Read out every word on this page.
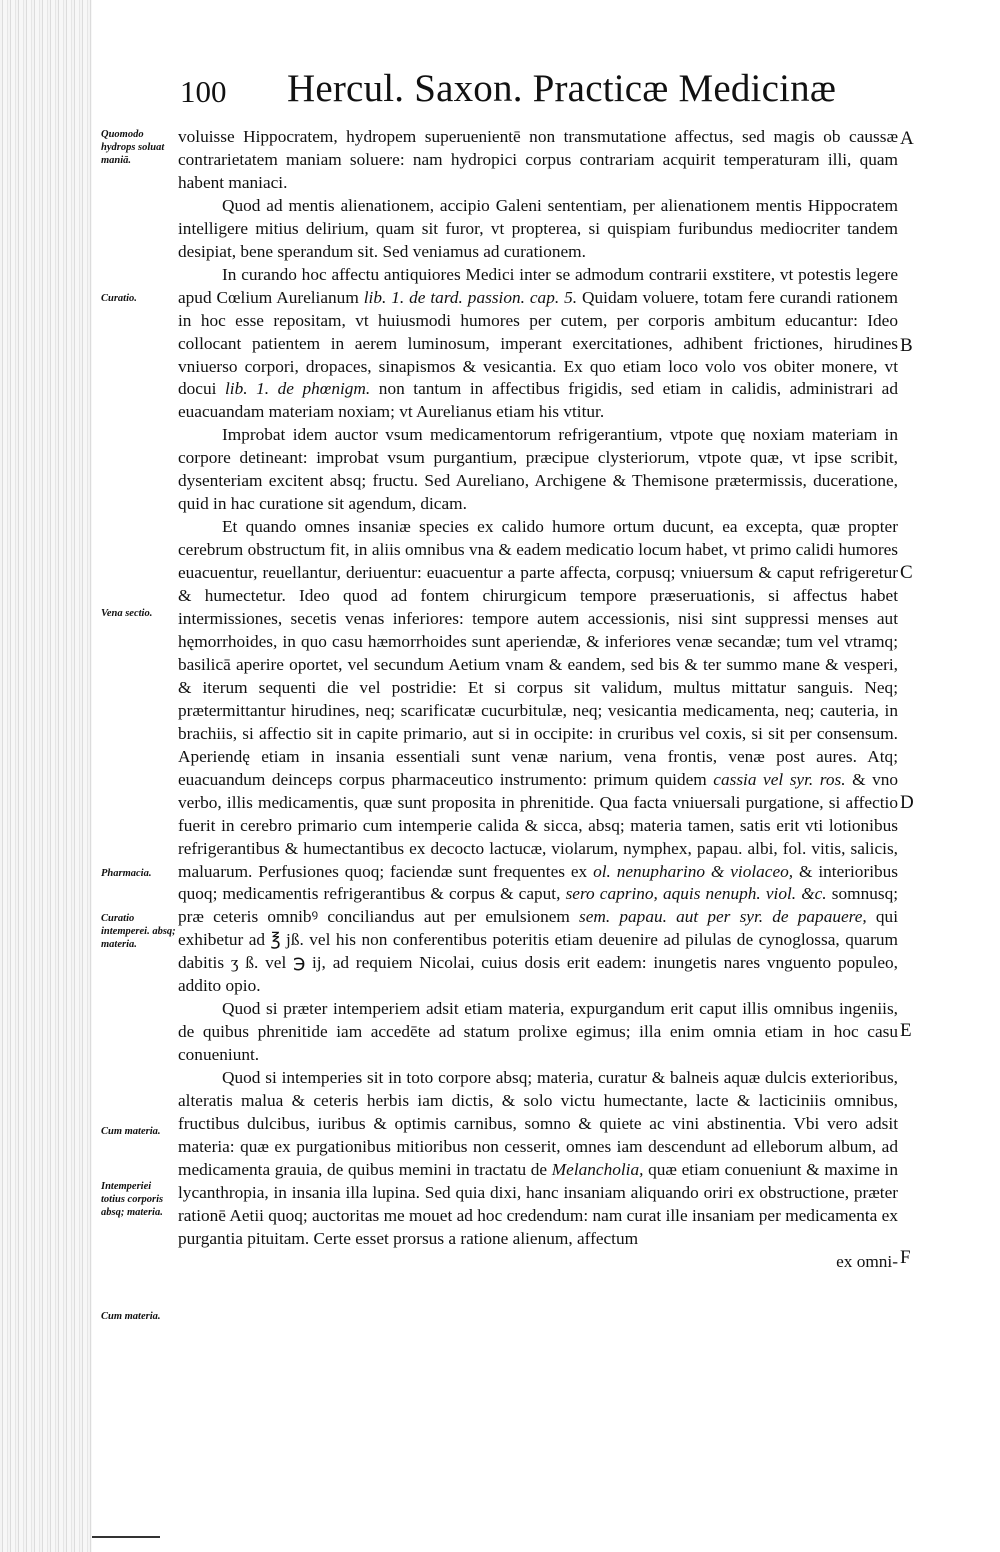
100 Hercul. Saxon. Practicæ Medicinæ
Quomodo hydrops soluat maniā.
Curatio.
Vena sectio.
Pharmacia.
Curatio intemperei. absq; materia.
Cum materia.
Intemperiei totius corporis absq; materia.
Cum materia.
A
B
C
D
E
F

voluisse Hippocratem, hydropem superuenientē non transmutatione affectus, sed magis ob caussæ contrarietatem maniam soluere: nam hydropici corpus contrariam acquirit temperaturam illi, quam habent maniaci.

Quod ad mentis alienationem, accipio Galeni sententiam, per alienationem mentis Hippocratem intelligere mitius delirium, quam sit furor, vt propterea, si quispiam furibundus mediocriter tandem desipiat, bene sperandum sit. Sed veniamus ad curationem.

In curando hoc affectu antiquiores Medici inter se admodum contrarii exstitere, vt potestis legere apud Cœlium Aurelianum lib. 1. de tard. passion. cap. 5. Quidam voluere, totam fere curandi rationem in hoc esse repositam, vt huiusmodi humores per cutem, per corporis ambitum educantur: Ideo collocant patientem in aerem luminosum, imperant exercitationes, adhibent frictiones, hirudines vniuerso corpori, dropaces, sinapismos & vesicantia. Ex quo etiam loco volo vos obiter monere, vt docui lib. 1. de phœnigm. non tantum in affectibus frigidis, sed etiam in calidis, administrari ad euacuandam materiam noxiam; vt Aurelianus etiam his vtitur.

Improbat idem auctor vsum medicamentorum refrigerantium, vtpote quę noxiam materiam in corpore detineant: improbat vsum purgantium, præcipue clysteriorum, vtpote quæ, vt ipse scribit, dysenteriam excitent absq; fructu. Sed Aureliano, Archigene & Themisone prætermissis, duceratione, quid in hac curatione sit agendum, dicam.

Et quando omnes insaniæ species ex calido humore ortum ducunt, ea excepta, quæ propter cerebrum obstructum fit, in aliis omnibus vna & eadem medicatio locum habet, vt primo calidi humores euacuentur, reuellantur, deriuentur: euacuentur a parte affecta, corpusq; vniuersum & caput refrigeretur & humectetur. Ideo quod ad fontem chirurgicum tempore præseruationis, si affectus habet intermissiones, secetis venas inferiores: tempore autem accessionis, nisi sint suppressi menses aut hęmorrhoides, in quo casu hæmorrhoides sunt aperiendæ, & inferiores venæ secandæ; tum vel vtramq; basilicā aperire oportet, vel secundum Aetium vnam & eandem, sed bis & ter summo mane & vesperi, & iterum sequenti die vel postridie: Et si corpus sit validum, multus mittatur sanguis. Neq; prætermittantur hirudines, neq; scarificatæ cucurbitulæ, neq; vesicantia medicamenta, neq; cauteria, in brachiis, si affectio sit in capite primario, aut si in occipite: in cruribus vel coxis, si sit per consensum. Aperiendę etiam in insania essentiali sunt venæ narium, vena frontis, venæ post aures. Atq; euacuandum deinceps corpus pharmaceutico instrumento: primum quidem cassia vel syr. ros. & vno verbo, illis medicamentis, quæ sunt proposita in phrenitide. Qua facta vniuersali purgatione, si affectio fuerit in cerebro primario cum intemperie calida & sicca, absq; materia tamen, satis erit vti lotionibus refrigerantibus & humectantibus ex decocto lactucæ, violarum, nymphex, papau. albi, fol. vitis, salicis, maluarum. Perfusiones quoq; faciendæ sunt frequentes ex ol. nenupharino & violaceo, & interioribus quoq; medicamentis refrigerantibus & corpus & caput, sero caprino, aquis nenuph. viol. &c. somnusq; præ ceteris omnibꝰ conciliandus aut per emulsionem sem. papau. aut per syr. de papauere, qui exhibetur ad ℥ jß. vel his non conferentibus poteritis etiam deuenire ad pilulas de cynoglossa, quarum dabitis ʒ ß. vel ℈ ij, ad requiem Nicolai, cuius dosis erit eadem: inungetis nares vnguento populeo, addito opio.

Quod si præter intemperiem adsit etiam materia, expurgandum erit caput illis omnibus ingeniis, de quibus phrenitide iam accedēte ad statum prolixe egimus; illa enim omnia etiam in hoc casu conueniunt.

Quod si intemperies sit in toto corpore absq; materia, curatur & balneis aquæ dulcis exterioribus, alteratis malua & ceteris herbis iam dictis, & solo victu humectante, lacte & lacticiniis omnibus, fructibus dulcibus, iuribus & optimis carnibus, somno & quiete ac vini abstinentia. Vbi vero adsit materia: quæ ex purgationibus mitioribus non cesserit, omnes iam descendunt ad elleborum album, ad medicamenta grauia, de quibus memini in tractatu de Melancholia, quæ etiam conueniunt & maxime in lycanthropia, in insania illa lupina. Sed quia dixi, hanc insaniam aliquando oriri ex obstructione, præter rationē Aetii quoq; auctoritas me mouet ad hoc credendum: nam curat ille insaniam per medicamenta ex purgantia pituitam. Certe esset prorsus a ratione alienum, affectum

ex omni-
